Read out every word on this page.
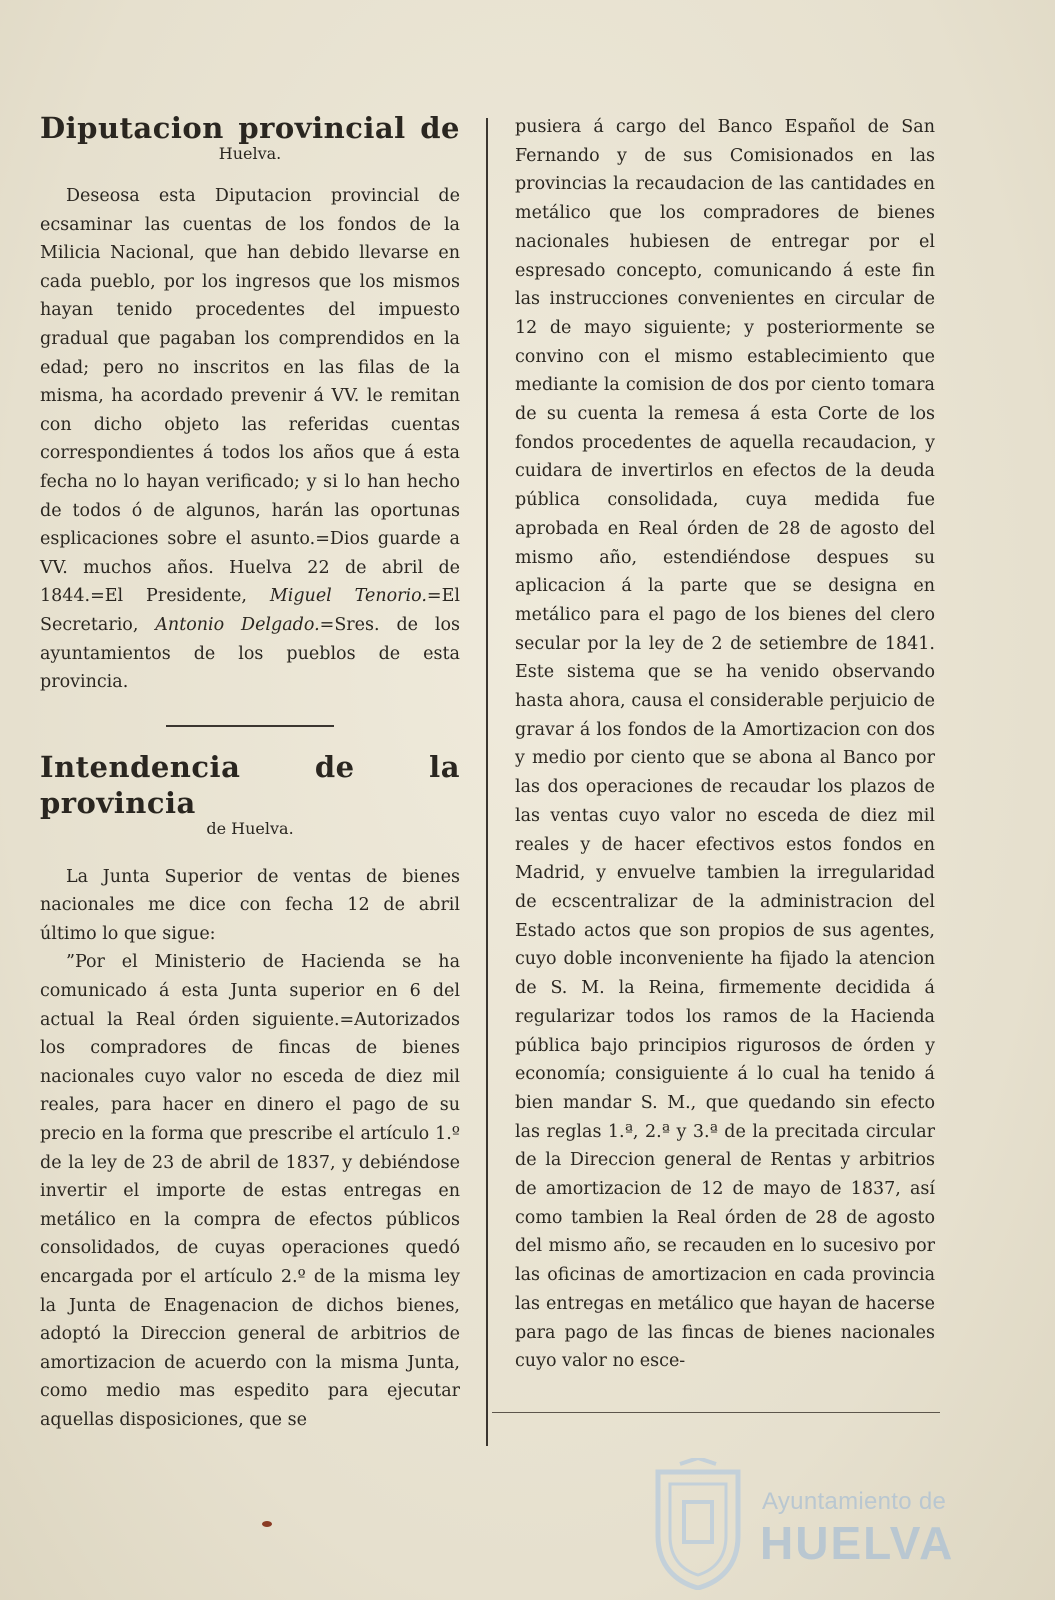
Diputacion provincial de
Huelva.

Deseosa esta Diputacion provincial de ecsaminar las cuentas de los fondos de la Milicia Nacional, que han debido llevarse en cada pueblo, por los ingresos que los mismos hayan tenido procedentes del impuesto gradual que pagaban los comprendidos en la edad; pero no inscritos en las filas de la misma, ha acordado prevenir á VV. le remitan con dicho objeto las referidas cuentas correspondientes á todos los años que á esta fecha no lo hayan verificado; y si lo han hecho de todos ó de algunos, harán las oportunas esplicaciones sobre el asunto.=Dios guarde a VV. muchos años. Huelva 22 de abril de 1844.=El Presidente, Miguel Tenorio.=El Secretario, Antonio Delgado.=Sres. de los ayuntamientos de los pueblos de esta provincia.

Intendencia de la provincia
de Huelva.

La Junta Superior de ventas de bienes nacionales me dice con fecha 12 de abril último lo que sigue:

”Por el Ministerio de Hacienda se ha comunicado á esta Junta superior en 6 del actual la Real órden siguiente.=Autorizados los compradores de fincas de bienes nacionales cuyo valor no esceda de diez mil reales, para hacer en dinero el pago de su precio en la forma que prescribe el artículo 1.º de la ley de 23 de abril de 1837, y debiéndose invertir el importe de estas entregas en metálico en la compra de efectos públicos consolidados, de cuyas operaciones quedó encargada por el artículo 2.º de la misma ley la Junta de Enagenacion de dichos bienes, adoptó la Direccion general de arbitrios de amortizacion de acuerdo con la misma Junta, como medio mas espedito para ejecutar aquellas disposiciones, que se

pusiera á cargo del Banco Español de San Fernando y de sus Comisionados en las provincias la recaudacion de las cantidades en metálico que los compradores de bienes nacionales hubiesen de entregar por el espresado concepto, comunicando á este fin las instrucciones convenientes en circular de 12 de mayo siguiente; y posteriormente se convino con el mismo establecimiento que mediante la comision de dos por ciento tomara de su cuenta la remesa á esta Corte de los fondos procedentes de aquella recaudacion, y cuidara de invertirlos en efectos de la deuda pública consolidada, cuya medida fue aprobada en Real órden de 28 de agosto del mismo año, estendiéndose despues su aplicacion á la parte que se designa en metálico para el pago de los bienes del clero secular por la ley de 2 de setiembre de 1841. Este sistema que se ha venido observando hasta ahora, causa el considerable perjuicio de gravar á los fondos de la Amortizacion con dos y medio por ciento que se abona al Banco por las dos operaciones de recaudar los plazos de las ventas cuyo valor no esceda de diez mil reales y de hacer efectivos estos fondos en Madrid, y envuelve tambien la irregularidad de ecscentralizar de la administracion del Estado actos que son propios de sus agentes, cuyo doble inconveniente ha fijado la atencion de S. M. la Reina, firmemente decidida á regularizar todos los ramos de la Hacienda pública bajo principios rigurosos de órden y economía; consiguiente á lo cual ha tenido á bien mandar S. M., que quedando sin efecto las reglas 1.ª, 2.ª y 3.ª de la precitada circular de la Direccion general de Rentas y arbitrios de amortizacion de 12 de mayo de 1837, así como tambien la Real órden de 28 de agosto del mismo año, se recauden en lo sucesivo por las oficinas de amortizacion en cada provincia las entregas en metálico que hayan de hacerse para pago de las fincas de bienes nacionales cuyo valor no esce-

Ayuntamiento de
HUELVA
